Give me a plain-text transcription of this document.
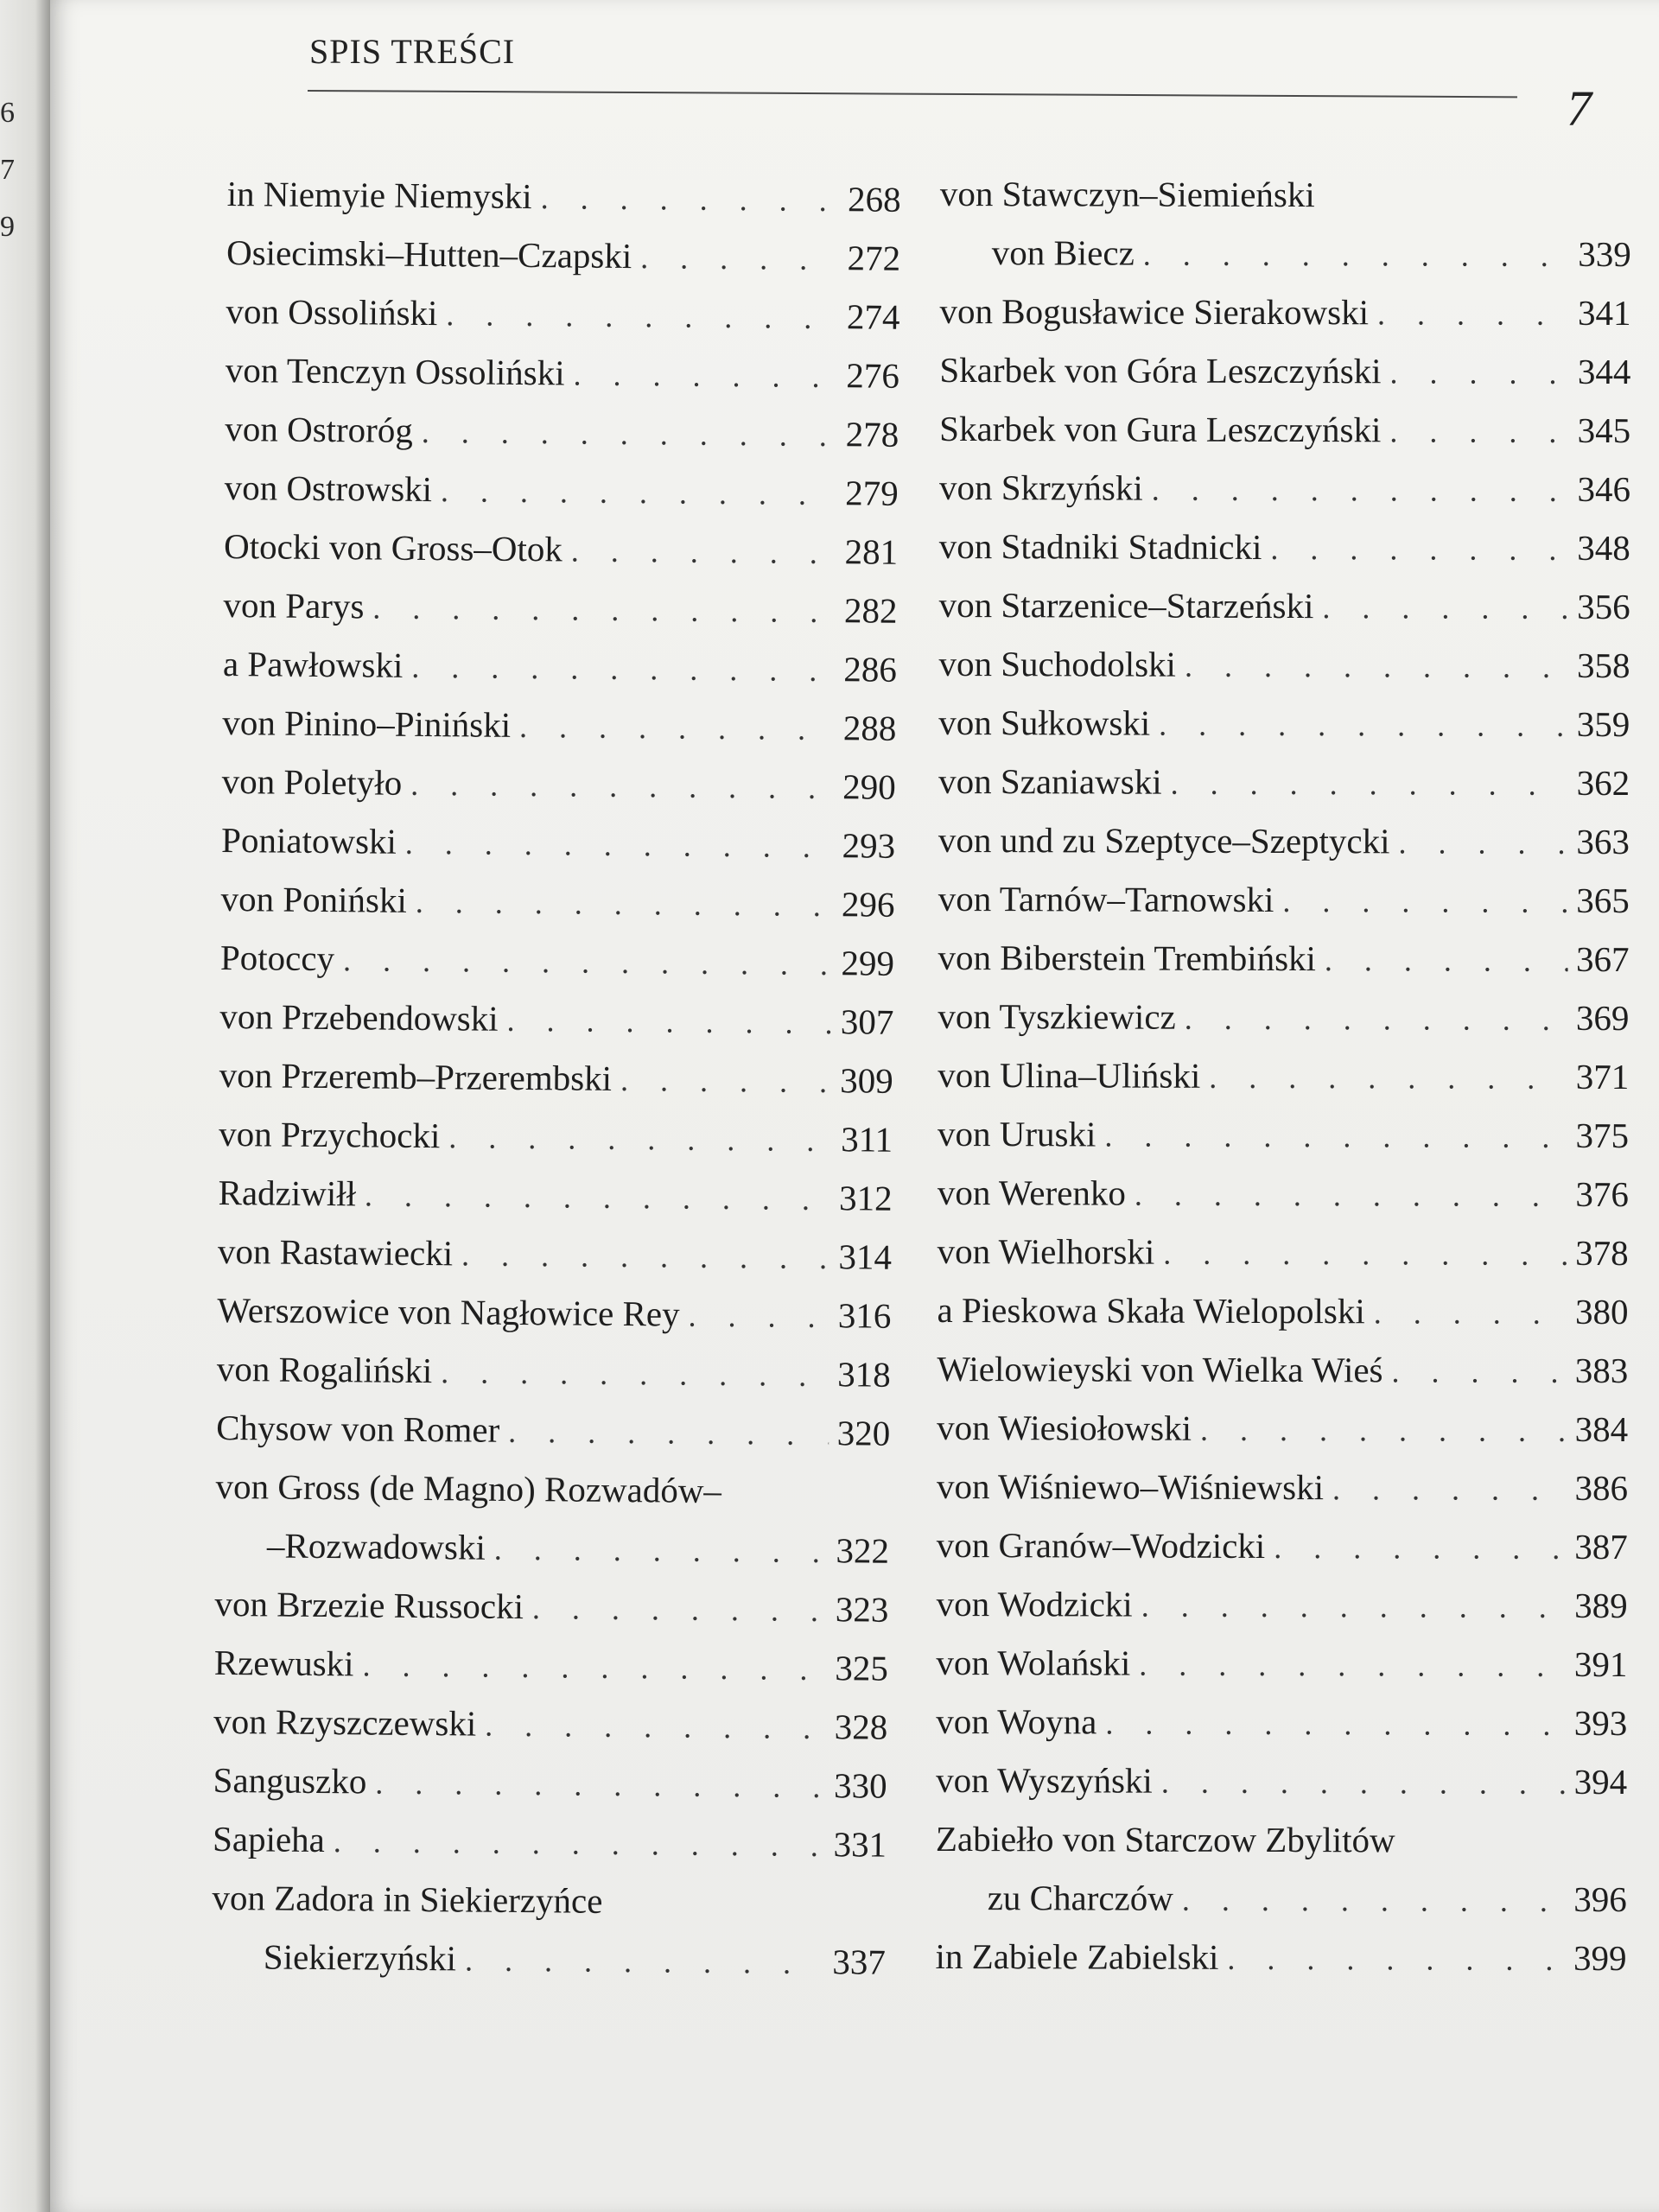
6
7
9
SPIS TREŚCI
7
in Niemyie Niemyski . . .	268
Osiecimski–Hutten–Czapski . . .	272
von Ossoliński . . .	274
von Tenczyn Ossoliński . . .	276
von Ostroróg . . .	278
von Ostrowski . . .	279
Otocki von Gross–Otok . . .	281
von Parys . . .	282
a Pawłowski . . .	286
von Pinino–Piniński . . .	288
von Poletyło . . .	290
Poniatowski . . .	293
von Poniński . . .	296
Potoccy . . .	299
von Przebendowski . . .	307
von Przeremb–Przerembski . . .	309
von Przychocki . . .	311
Radziwiłł . . .	312
von Rastawiecki . . .	314
Werszowice von Nagłowice Rey . . .	316
von Rogaliński . . .	318
Chysow von Romer . . .	320
von Gross (de Magno) Rozwadów–
–Rozwadowski . . .	322
von Brzezie Russocki . . .	323
Rzewuski . . .	325
von Rzyszczewski . . .	328
Sanguszko . . .	330
Sapieha . . .	331
von Zadora in Siekierzyńce
Siekierzyński . . .	337
von Stawczyn–Siemieński
von Biecz . . .	339
von Bogusławice Sierakowski . . .	341
Skarbek von Góra Leszczyński . . .	344
Skarbek von Gura Leszczyński . . .	345
von Skrzyński . . .	346
von Stadniki Stadnicki . . .	348
von Starzenice–Starzeński . . .	356
von Suchodolski . . .	358
von Sułkowski . . .	359
von Szaniawski . . .	362
von und zu Szeptyce–Szeptycki . . .	363
von Tarnów–Tarnowski . . .	365
von Biberstein Trembiński . . .	367
von Tyszkiewicz . . .	369
von Ulina–Uliński . . .	371
von Uruski . . .	375
von Werenko . . .	376
von Wielhorski . . .	378
a Pieskowa Skała Wielopolski . . .	380
Wielowieyski von Wielka Wieś . . .	383
von Wiesiołowski . . .	384
von Wiśniewo–Wiśniewski . . .	386
von Granów–Wodzicki . . .	387
von Wodzicki . . .	389
von Wolański . . .	391
von Woyna . . .	393
von Wyszyński . . .	394
Zabiełło von Starczow Zbylitów
zu Charczów . . .	396
in Zabiele Zabielski . . .	399
